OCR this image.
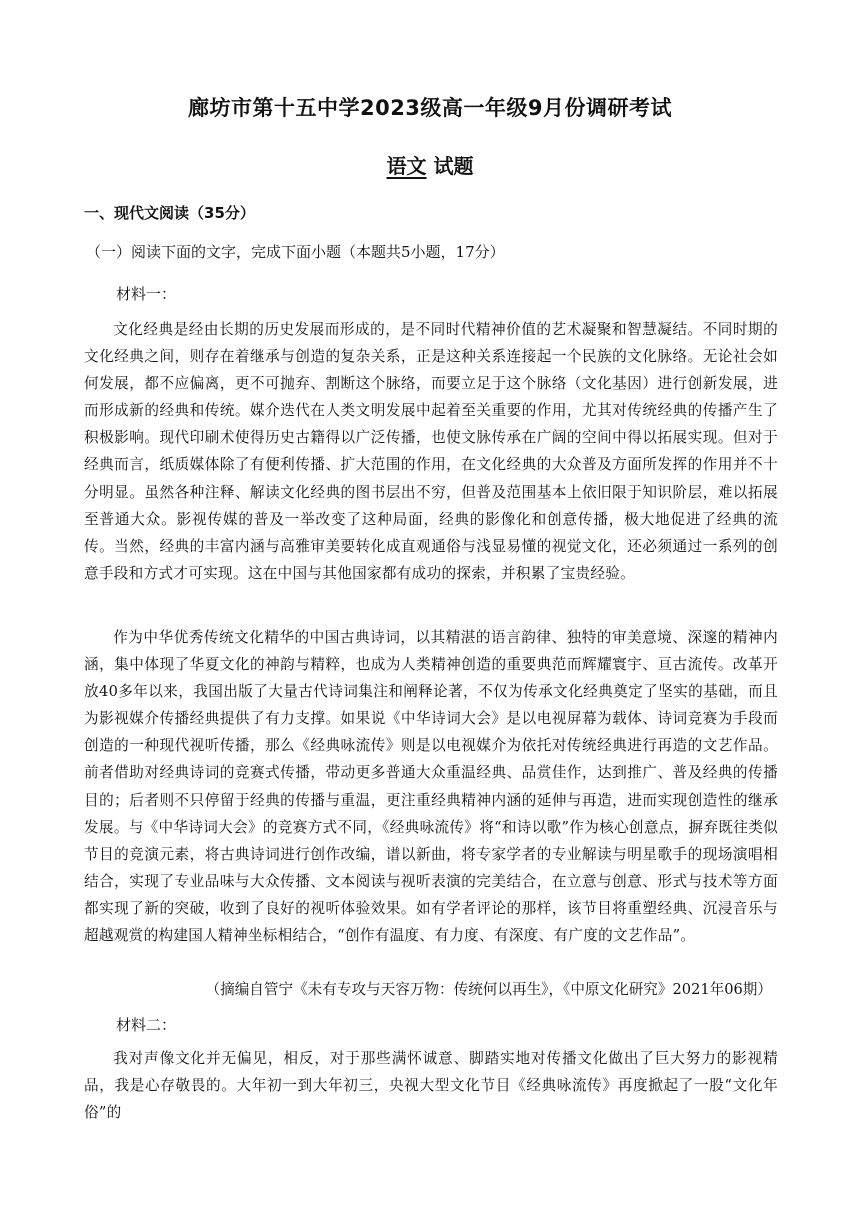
廊坊市第十五中学2023级高一年级9月份调研考试
语文 试题
一、现代文阅读（35分）
（一）阅读下面的文字，完成下面小题（本题共5小题，17分）
材料一：
文化经典是经由长期的历史发展而形成的，是不同时代精神价值的艺术凝聚和智慧凝结。不同时期的文化经典之间，则存在着继承与创造的复杂关系，正是这种关系连接起一个民族的文化脉络。无论社会如何发展，都不应偏离，更不可抛弃、割断这个脉络，而要立足于这个脉络（文化基因）进行创新发展，进而形成新的经典和传统。媒介迭代在人类文明发展中起着至关重要的作用，尤其对传统经典的传播产生了积极影响。现代印刷术使得历史古籍得以广泛传播，也使文脉传承在广阔的空间中得以拓展实现。但对于经典而言，纸质媒体除了有便利传播、扩大范围的作用，在文化经典的大众普及方面所发挥的作用并不十分明显。虽然各种注释、解读文化经典的图书层出不穷，但普及范围基本上依旧限于知识阶层，难以拓展至普通大众。影视传媒的普及一举改变了这种局面，经典的影像化和创意传播，极大地促进了经典的流传。当然，经典的丰富内涵与高雅审美要转化成直观通俗与浅显易懂的视觉文化，还必须通过一系列的创意手段和方式才可实现。这在中国与其他国家都有成功的探索，并积累了宝贵经验。
作为中华优秀传统文化精华的中国古典诗词，以其精湛的语言韵律、独特的审美意境、深邃的精神内涵，集中体现了华夏文化的神韵与精粹，也成为人类精神创造的重要典范而辉耀寰宇、亘古流传。改革开放40多年以来，我国出版了大量古代诗词集注和阐释论著，不仅为传承文化经典奠定了坚实的基础，而且为影视媒介传播经典提供了有力支撑。如果说《中华诗词大会》是以电视屏幕为载体、诗词竞赛为手段而创造的一种现代视听传播，那么《经典咏流传》则是以电视媒介为依托对传统经典进行再造的文艺作品。前者借助对经典诗词的竞赛式传播，带动更多普通大众重温经典、品赏佳作，达到推广、普及经典的传播目的；后者则不只停留于经典的传播与重温，更注重经典精神内涵的延伸与再造，进而实现创造性的继承发展。与《中华诗词大会》的竞赛方式不同，《经典咏流传》将“和诗以歌”作为核心创意点，摒弃既往类似节目的竞演元素，将古典诗词进行创作改编，谱以新曲，将专家学者的专业解读与明星歌手的现场演唱相结合，实现了专业品味与大众传播、文本阅读与视听表演的完美结合，在立意与创意、形式与技术等方面都实现了新的突破，收到了良好的视听体验效果。如有学者评论的那样，该节目将重塑经典、沉浸音乐与超越观赏的构建国人精神坐标相结合，“创作有温度、有力度、有深度、有广度的文艺作品”。
（摘编自管宁《未有专攻与天容万物：传统何以再生》，《中原文化研究》2021年06期）
材料二：
我对声像文化并无偏见，相反，对于那些满怀诚意、脚踏实地对传播文化做出了巨大努力的影视精品，我是心存敬畏的。大年初一到大年初三，央视大型文化节目《经典咏流传》再度掀起了一股“文化年俗”的
